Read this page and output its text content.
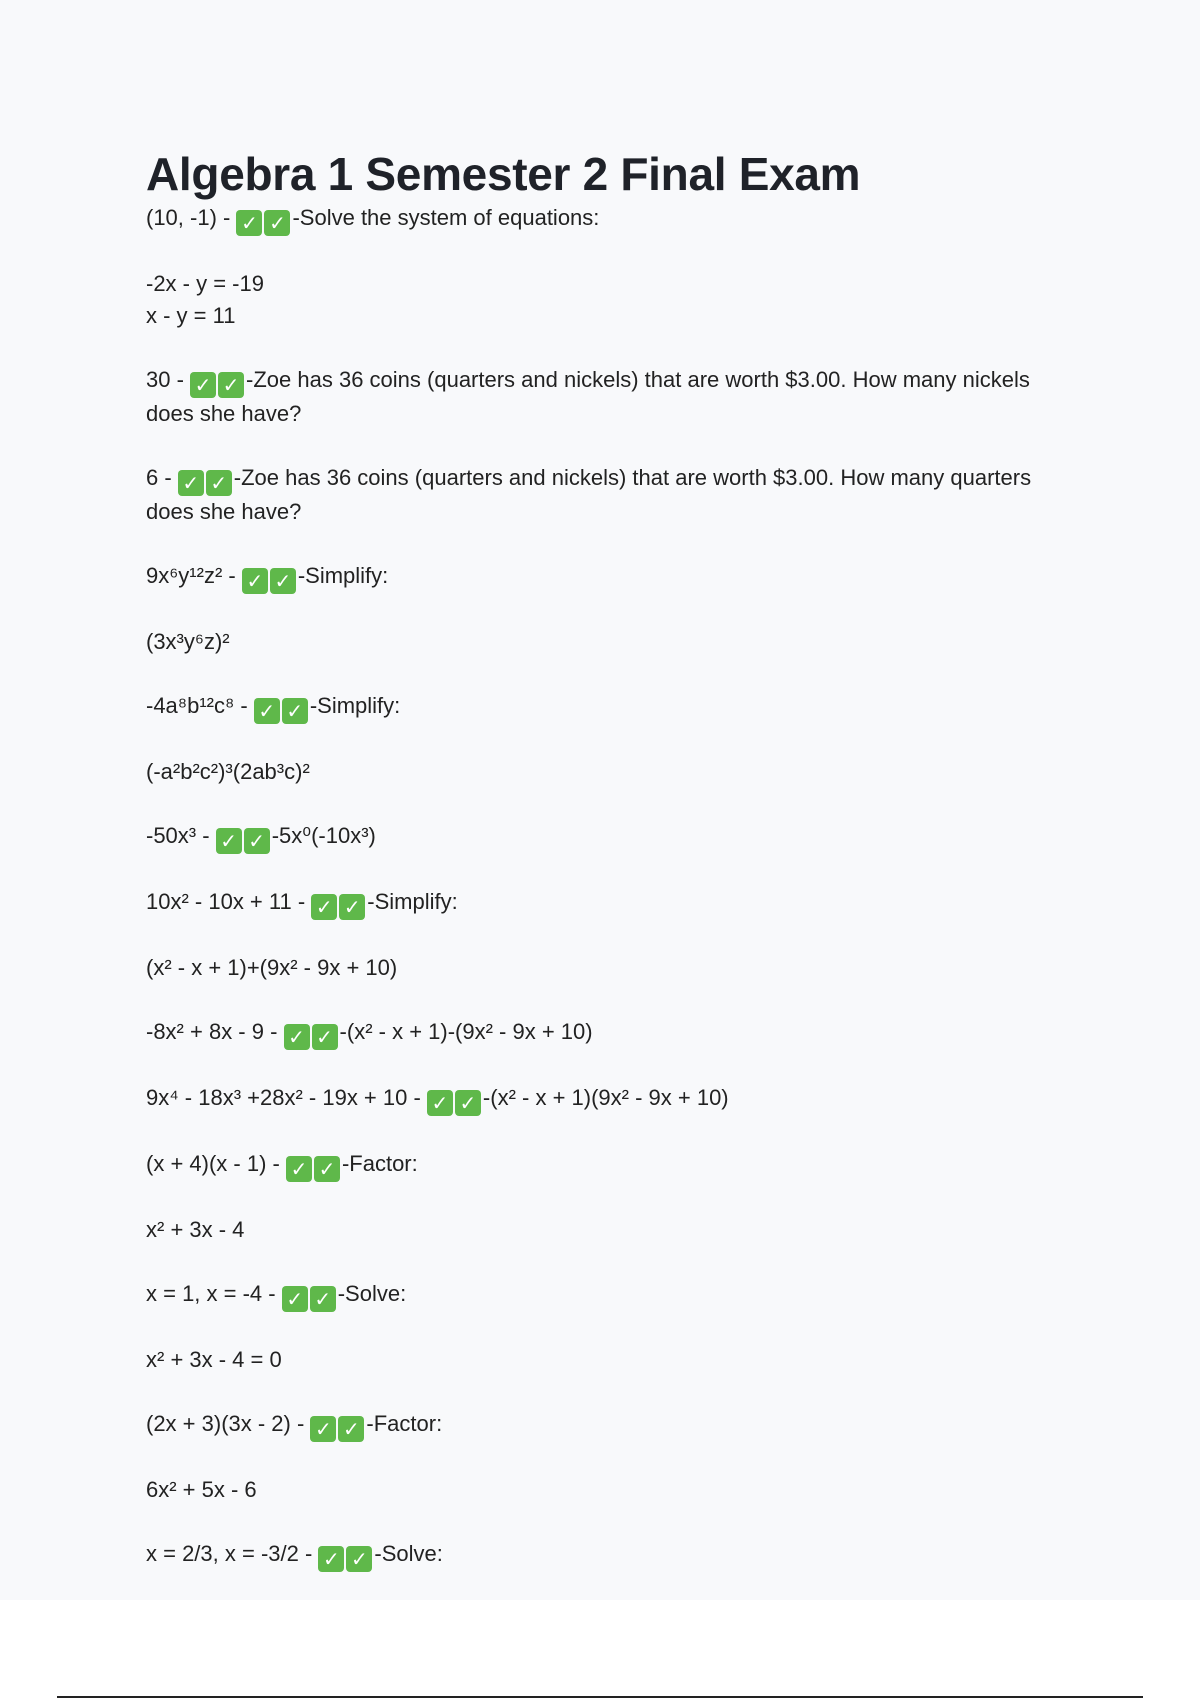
Algebra 1 Semester 2 Final Exam
(10, -1) - ✓ ✓ -Solve the system of equations:
-2x - y = -19
x - y = 11
30 - ✓ ✓ -Zoe has 36 coins (quarters and nickels) that are worth $3.00. How many nickels does she have?
6 - ✓ ✓ -Zoe has 36 coins (quarters and nickels) that are worth $3.00. How many quarters does she have?
9x⁶y¹²z² - ✓ ✓ -Simplify:
(3x³y⁶z)²
-4a⁸b¹²c⁸ - ✓ ✓ -Simplify:
(-a²b²c²)³(2ab³c)²
-50x³ - ✓ ✓ -5x⁰(-10x³)
10x² - 10x + 11 - ✓ ✓ -Simplify:
(x² - x + 1)+(9x² - 9x + 10)
-8x² + 8x - 9 - ✓ ✓ -(x² - x + 1)-(9x² - 9x + 10)
9x⁴ - 18x³ +28x² - 19x + 10 - ✓ ✓ -(x² - x + 1)(9x² - 9x + 10)
(x + 4)(x - 1) - ✓ ✓ -Factor:
x² + 3x - 4
x = 1, x = -4 - ✓ ✓ -Solve:
x² + 3x - 4 = 0
(2x + 3)(3x - 2) - ✓ ✓ -Factor:
6x² + 5x - 6
x = 2/3, x = -3/2 - ✓ ✓ -Solve:
